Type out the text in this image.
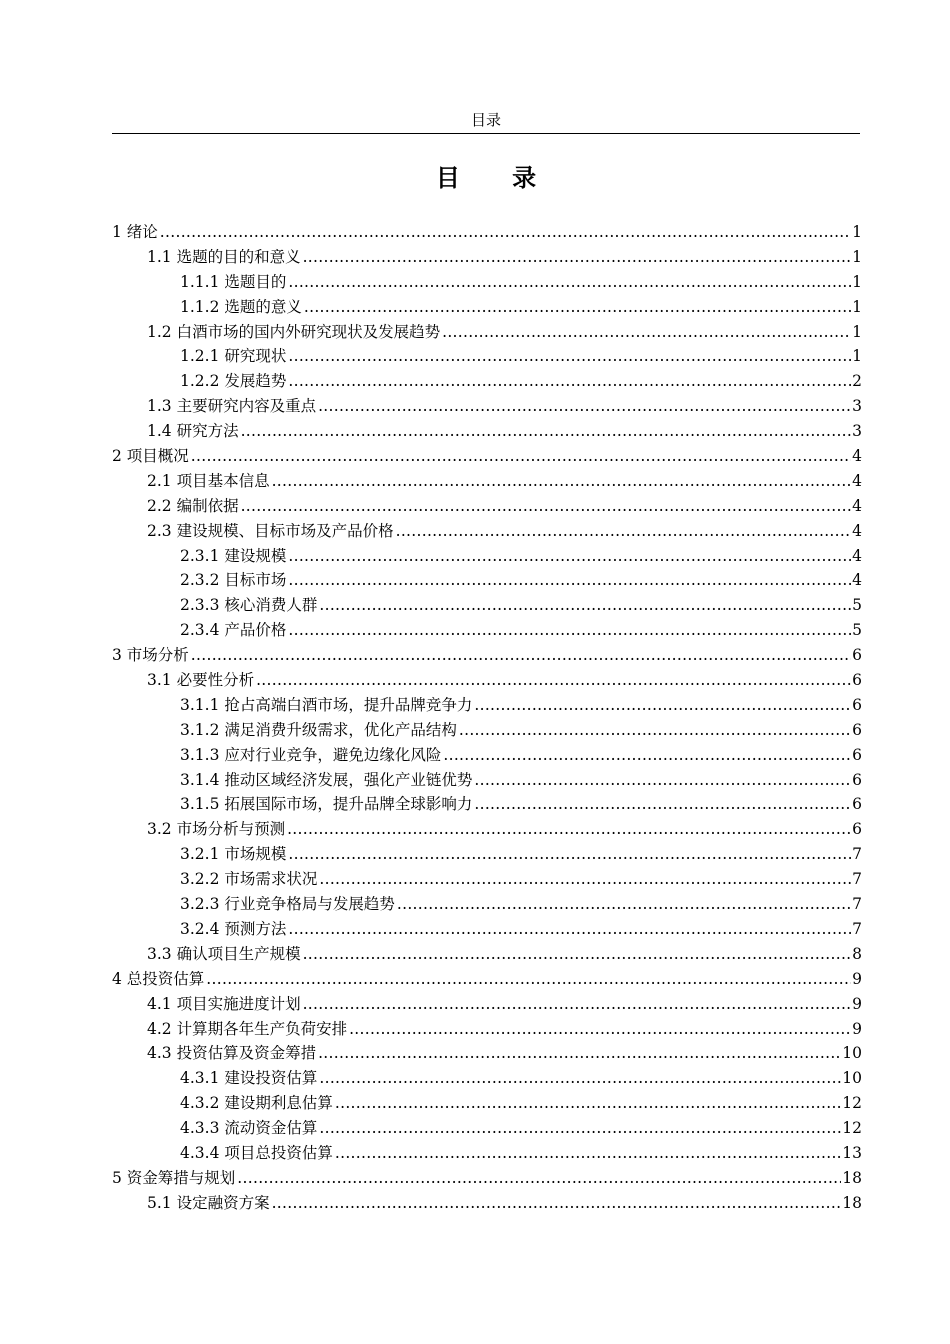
目录
目 录
1 绪论 .....	1
1.1 选题的目的和意义 .....	1
1.1.1 选题目的 .....	1
1.1.2 选题的意义 .....	1
1.2 白酒市场的国内外研究现状及发展趋势 .....	1
1.2.1 研究现状 .....	1
1.2.2 发展趋势 .....	2
1.3 主要研究内容及重点 .....	3
1.4 研究方法 .....	3
2 项目概况 .....	4
2.1 项目基本信息 .....	4
2.2 编制依据 .....	4
2.3 建设规模、目标市场及产品价格 .....	4
2.3.1 建设规模 .....	4
2.3.2 目标市场 .....	4
2.3.3 核心消费人群 .....	5
2.3.4 产品价格 .....	5
3 市场分析 .....	6
3.1 必要性分析 .....	6
3.1.1 抢占高端白酒市场，提升品牌竞争力 .....	6
3.1.2 满足消费升级需求，优化产品结构 .....	6
3.1.3 应对行业竞争，避免边缘化风险 .....	6
3.1.4 推动区域经济发展，强化产业链优势 .....	6
3.1.5 拓展国际市场，提升品牌全球影响力 .....	6
3.2 市场分析与预测 .....	6
3.2.1 市场规模 .....	7
3.2.2 市场需求状况 .....	7
3.2.3 行业竞争格局与发展趋势 .....	7
3.2.4 预测方法 .....	7
3.3 确认项目生产规模 .....	8
4 总投资估算 .....	9
4.1 项目实施进度计划 .....	9
4.2 计算期各年生产负荷安排 .....	9
4.3 投资估算及资金筹措 .....	10
4.3.1 建设投资估算 .....	10
4.3.2 建设期利息估算 .....	12
4.3.3 流动资金估算 .....	12
4.3.4 项目总投资估算 .....	13
5 资金筹措与规划 .....	18
5.1 设定融资方案 .....	18
